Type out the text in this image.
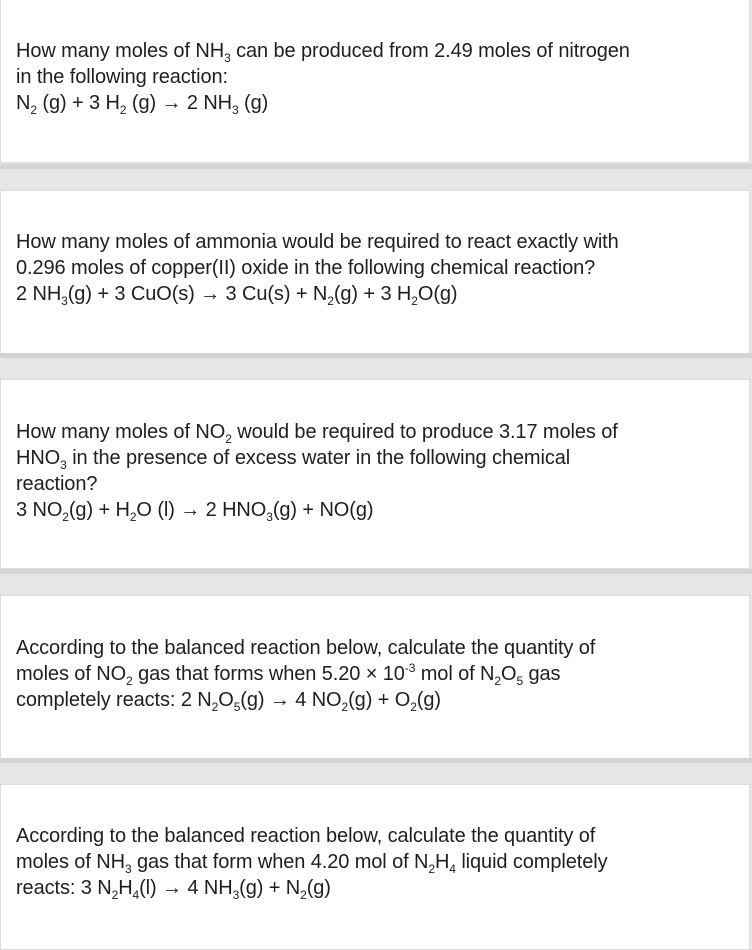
How many moles of $NH_3$ can be produced from 2.49 moles of nitrogen
in the following reaction:
$N_2$ (g) + 3 $H_2$ (g) → 2 $NH_3$ (g)
How many moles of ammonia would be required to react exactly with
0.296 moles of copper(II) oxide in the following chemical reaction?
2 $NH_3(g) + 3$ CuO(s) → 3 $Cu(s) + N_2(g) + 3$ $H_2O(g)$
How many moles of $NO_2$ would be required to produce 3.17 moles of
$HNO_3$ in the presence of excess water in the following chemical
reaction?
3 $NO_2(g) + H_2O$ (l) → 2 $HNO_3(g) + NO(g)$
According to the balanced reaction below, calculate the quantity of
moles of $NO_2$ gas that forms when $5.20 \times 10^{-3}$ mol of $N_2O_5$ gas
completely reacts: 2 $N_2O_5(g) \to 4$ $NO_2(g) + O_2(g)$
According to the balanced reaction below, calculate the quantity of
moles of $NH_3$ gas that form when 4.20 mol of $N_2H_4$ liquid completely
reacts: 3 $N_2H_4(l) \to 4$ $NH_3(g) + N_2(g)$
